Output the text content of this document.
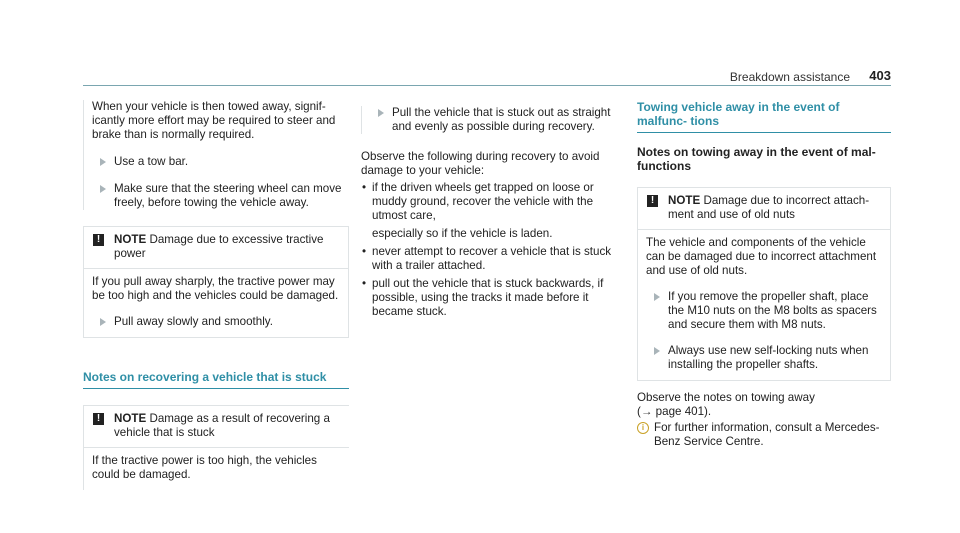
Breakdown assistance 403

When your vehicle is then towed away, signif- icantly more effort may be required to steer and brake than is normally required.

Use a tow bar.
Make sure that the steering wheel can move freely, before towing the vehicle away.
!	NOTE Damage due to excessive tractive power

If you pull away sharply, the tractive power may be too high and the vehicles could be damaged.

Pull away slowly and smoothly.
Notes on recovering a vehicle that is stuck
!	NOTE Damage as a result of recovering a vehicle that is stuck

If the tractive power is too high, the vehicles could be damaged.

Pull the vehicle that is stuck out as straight and evenly as possible during recovery.

Observe the following during recovery to avoid damage to your vehicle:

• if the driven wheels get trapped on loose or muddy ground, recover the vehicle with the utmost care,
especially so if the vehicle is laden.
• never attempt to recover a vehicle that is stuck with a trailer attached.
• pull out the vehicle that is stuck backwards, if possible, using the tracks it made before it became stuck.
Towing vehicle away in the event of malfunc- tions
Notes on towing away in the event of mal- functions
!	NOTE Damage due to incorrect attach- ment and use of old nuts

The vehicle and components of the vehicle can be damaged due to incorrect attachment and use of old nuts.

If you remove the propeller shaft, place the M10 nuts on the M8 bolts as spacers and secure them with M8 nuts.
Always use new self-locking nuts when installing the propeller shafts.

Observe the notes on towing away

(→ page 401).

i For further information, consult a Mercedes- Benz Service Centre.
